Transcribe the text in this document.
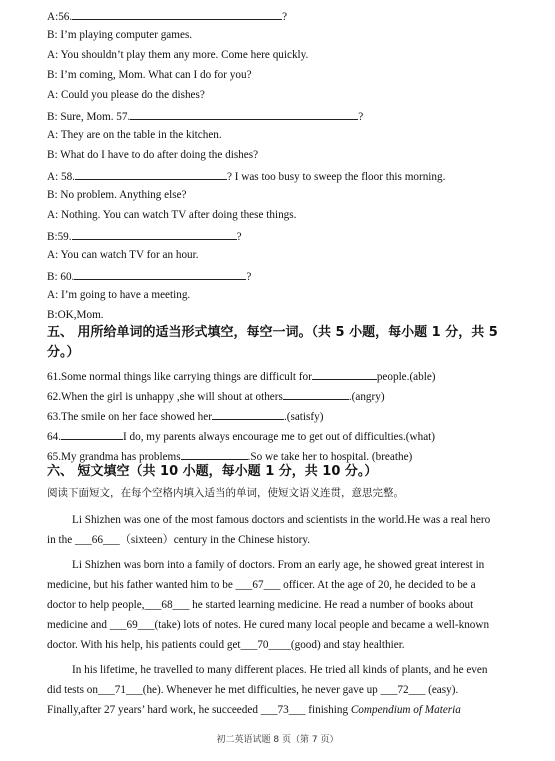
A:56.	?
B: I’m playing computer games.
A: You shouldn’t play them any more. Come here quickly.
B: I’m coming, Mom. What can I do for you?
A: Could you please do the dishes?
B: Sure, Mom. 57.	?
A: They are on the table in the kitchen.
B: What do I have to do after doing the dishes?
A: 58.	? I was too busy to sweep the floor this morning.
B: No problem. Anything else?
A: Nothing. You can watch TV after doing these things.
B:59.	?
A: You can watch TV for an hour.
B: 60.	?
A: I’m going to have a meeting.
B:OK,Mom.
五、 用所给单词的适当形式填空，每空一词。（共 5 小题，每小题 1 分，共 5
分。）
61.Some normal things like carrying things are difficult for	people.(able)
62.When the girl is unhappy ,she will shout at others	.(angry)
63.The smile on her face showed her	.(satisfy)
64.	I do, my parents always encourage me to get out of difficulties.(what)
65.My grandma has problems	.So we take her to hospital. (breathe)
六、 短文填空（共 10 小题，每小题 1 分，共 10 分。）
阅读下面短文，在每个空格内填入适当的单词，使短文语义连贯，意思完整。
Li Shizhen was one of the most famous doctors and scientists in the world.He was a real hero
in the ___66___（sixteen）century in the Chinese history.
Li Shizhen was born into a family of doctors. From an early age, he showed great interest in
medicine, but his father wanted him to be ___67___ officer. At the age of 20, he decided to be a
doctor to help people,___68___ he started learning medicine. He read a number of books about
medicine and ___69___(take) lots of notes. He cured many local people and became a well-known
doctor. With his help, his patients could get___70____(good) and stay healthier.
In his lifetime, he travelled to many different places. He tried all kinds of plants, and he even
did tests on___71___(he). Whenever he met difficulties, he never gave up ___72___ (easy).
Finally,after 27 years’ hard work, he succeeded ___73___ finishing Compendium of Materia
初二英语试题 8 页（第 7 页）
